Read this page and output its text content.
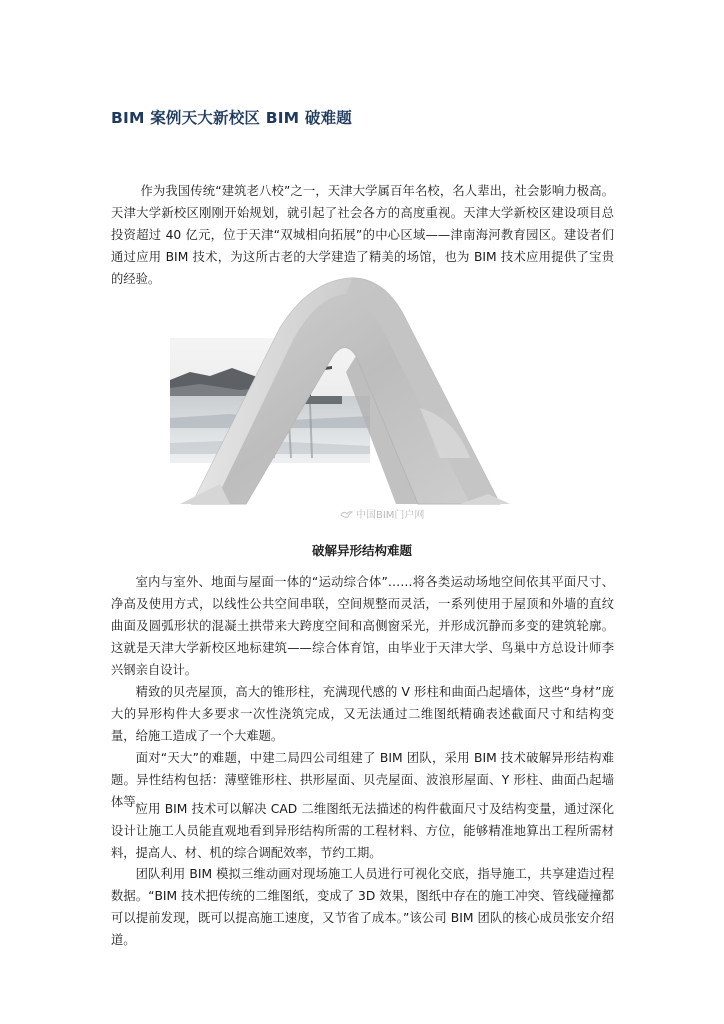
BIM 案例天大新校区 BIM 破难题

作为我国传统“建筑老八校”之一，天津大学属百年名校，名人辈出，社会影响力极高。天津大学新校区刚刚开始规划，就引起了社会各方的高度重视。天津大学新校区建设项目总投资超过 40 亿元，位于天津“双城相向拓展”的中心区域——津南海河教育园区。建设者们通过应用 BIM 技术，为这所古老的大学建造了精美的场馆，也为 BIM 技术应用提供了宝贵的经验。

中国BIM门户网
破解异形结构难题

室内与室外、地面与屋面一体的“运动综合体”……将各类运动场地空间依其平面尺寸、净高及使用方式，以线性公共空间串联，空间规整而灵活，一系列使用于屋顶和外墙的直纹曲面及圆弧形状的混凝土拱带来大跨度空间和高侧窗采光，并形成沉静而多变的建筑轮廓。这就是天津大学新校区地标建筑——综合体育馆，由毕业于天津大学、鸟巢中方总设计师李兴钢亲自设计。

精致的贝壳屋顶，高大的锥形柱，充满现代感的 V 形柱和曲面凸起墙体，这些“身材”庞大的异形构件大多要求一次性浇筑完成，又无法通过二维图纸精确表述截面尺寸和结构变量，给施工造成了一个大难题。

面对“天大”的难题，中建二局四公司组建了 BIM 团队，采用 BIM 技术破解异形结构难题。异性结构包括：薄壁锥形柱、拱形屋面、贝壳屋面、波浪形屋面、Y 形柱、曲面凸起墙体等。

应用 BIM 技术可以解决 CAD 二维图纸无法描述的构件截面尺寸及结构变量，通过深化设计让施工人员能直观地看到异形结构所需的工程材料、方位，能够精准地算出工程所需材料，提高人、材、机的综合调配效率，节约工期。

团队利用 BIM 模拟三维动画对现场施工人员进行可视化交底，指导施工，共享建造过程数据。“BIM 技术把传统的二维图纸，变成了 3D 效果，图纸中存在的施工冲突、管线碰撞都可以提前发现，既可以提高施工速度，又节省了成本。”该公司 BIM 团队的核心成员张安介绍道。
